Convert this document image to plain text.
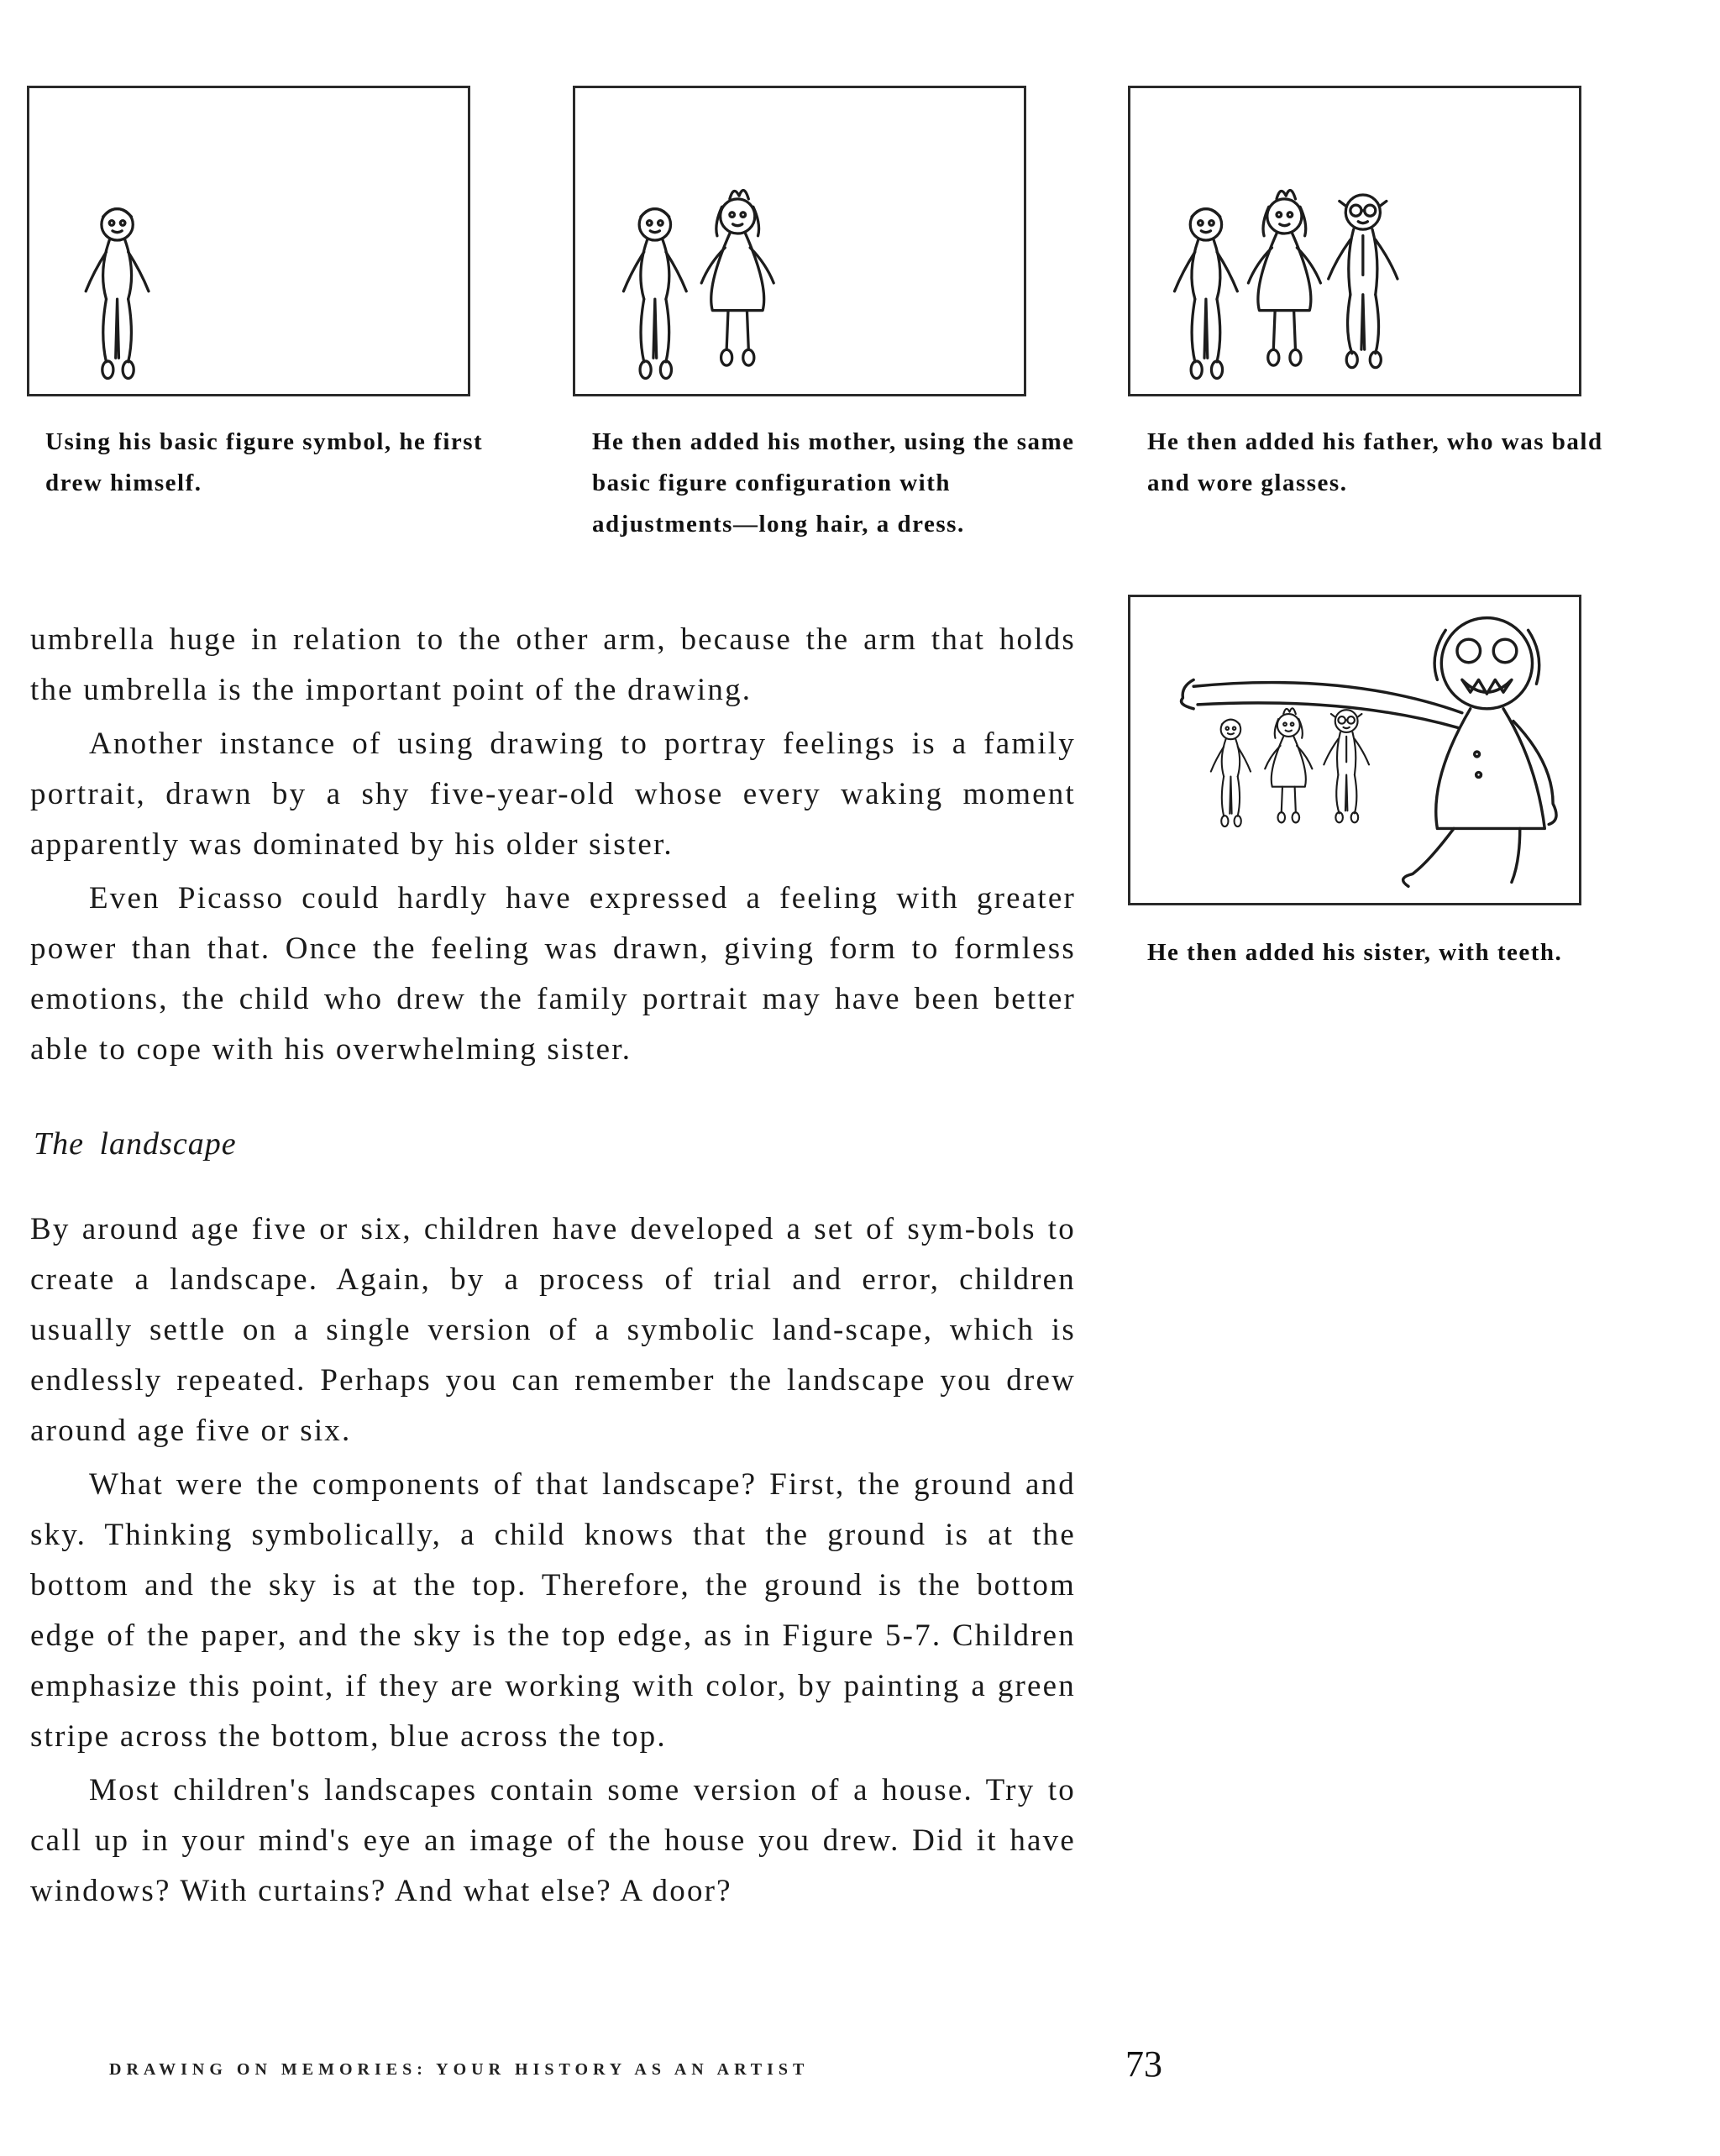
Using his basic figure symbol, he first drew himself.
He then added his mother, using the same basic figure configuration with adjustments—long hair, a dress.
He then added his father, who was bald and wore glasses.
He then added his sister, with teeth.

umbrella huge in relation to the other arm, because the arm that holds the umbrella is the important point of the drawing.

Another instance of using drawing to portray feelings is a family portrait, drawn by a shy five-year-old whose every waking moment apparently was dominated by his older sister.

Even Picasso could hardly have expressed a feeling with greater power than that. Once the feeling was drawn, giving form to formless emotions, the child who drew the family portrait may have been better able to cope with his overwhelming sister.

The landscape

By around age five or six, children have developed a set of sym-bols to create a landscape. Again, by a process of trial and error, children usually settle on a single version of a symbolic land-scape, which is endlessly repeated. Perhaps you can remember the landscape you drew around age five or six.

What were the components of that landscape? First, the ground and sky. Thinking symbolically, a child knows that the ground is at the bottom and the sky is at the top. Therefore, the ground is the bottom edge of the paper, and the sky is the top edge, as in Figure 5-7. Children emphasize this point, if they are working with color, by painting a green stripe across the bottom, blue across the top.

Most children's landscapes contain some version of a house. Try to call up in your mind's eye an image of the house you drew. Did it have windows? With curtains? And what else? A door?

DRAWING ON MEMORIES: YOUR HISTORY AS AN ARTIST	73
